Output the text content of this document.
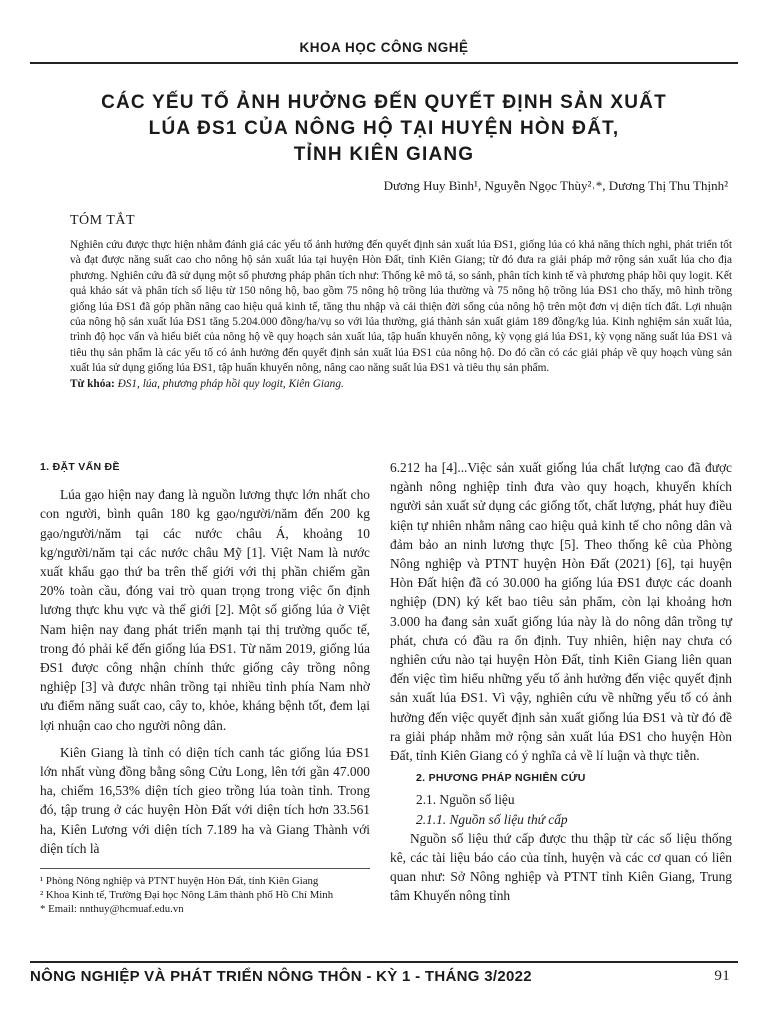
KHOA HỌC CÔNG NGHỆ
CÁC YẾU TỐ ẢNH HƯỞNG ĐẾN QUYẾT ĐỊNH SẢN XUẤT
LÚA ĐS1 CỦA NÔNG HỘ TẠI HUYỆN HÒN ĐẤT,
TỈNH KIÊN GIANG
Dương Huy Bình¹, Nguyễn Ngọc Thùy²˒*, Dương Thị Thu Thịnh²
TÓM TẮT

Nghiên cứu được thực hiện nhằm đánh giá các yếu tố ảnh hưởng đến quyết định sản xuất lúa ĐS1, giống lúa có khả năng thích nghi, phát triển tốt và đạt được năng suất cao cho nông hộ sản xuất lúa tại huyện Hòn Đất, tỉnh Kiên Giang; từ đó đưa ra giải pháp mở rộng sản xuất lúa cho địa phương. Nghiên cứu đã sử dụng một số phương pháp phân tích như: Thống kê mô tả, so sánh, phân tích kinh tế và phương pháp hồi quy logit. Kết quả khảo sát và phân tích số liệu từ 150 nông hộ, bao gồm 75 nông hộ trồng lúa thường và 75 nông hộ trồng lúa ĐS1 cho thấy, mô hình trồng giống lúa ĐS1 đã góp phần nâng cao hiệu quả kinh tế, tăng thu nhập và cải thiện đời sống của nông hộ trên một đơn vị diện tích đất. Lợi nhuận của nông hộ sản xuất lúa ĐS1 tăng 5.204.000 đồng/ha/vụ so với lúa thường, giá thành sản xuất giảm 189 đồng/kg lúa. Kinh nghiệm sản xuất lúa, trình độ học vấn và hiểu biết của nông hộ về quy hoạch sản xuất lúa, tập huấn khuyến nông, kỳ vọng giá lúa ĐS1, kỳ vọng năng suất lúa ĐS1 và tiêu thụ sản phẩm là các yếu tố có ảnh hưởng đến quyết định sản xuất lúa ĐS1 của nông hộ. Do đó cần có các giải pháp về quy hoạch vùng sản xuất lúa sử dụng giống lúa ĐS1, tập huấn khuyến nông, nâng cao năng suất lúa ĐS1 và tiêu thụ sản phẩm.

Từ khóa: ĐS1, lúa, phương pháp hồi quy logit, Kiên Giang.

1. ĐẶT VẤN ĐỀ

Lúa gạo hiện nay đang là nguồn lương thực lớn nhất cho con người, bình quân 180 kg gạo/người/năm đến 200 kg gạo/người/năm tại các nước châu Á, khoảng 10 kg/người/năm tại các nước châu Mỹ [1]. Việt Nam là nước xuất khẩu gạo thứ ba trên thế giới với thị phần chiếm gần 20% toàn cầu, đóng vai trò quan trọng trong việc ổn định lương thực khu vực và thế giới [2]. Một số giống lúa ở Việt Nam hiện nay đang phát triển mạnh tại thị trường quốc tế, trong đó phải kể đến giống lúa ĐS1. Từ năm 2019, giống lúa ĐS1 được công nhận chính thức giống cây trồng nông nghiệp [3] và được nhân trồng tại nhiều tỉnh phía Nam nhờ ưu điểm năng suất cao, cây to, khỏe, kháng bệnh tốt, đem lại lợi nhuận cao cho người nông dân.

Kiên Giang là tỉnh có diện tích canh tác giống lúa ĐS1 lớn nhất vùng đồng bằng sông Cửu Long, lên tới gần 47.000 ha, chiếm 16,53% diện tích gieo trồng lúa toàn tỉnh. Trong đó, tập trung ở các huyện Hòn Đất với diện tích hơn 33.561 ha, Kiên Lương với diện tích 7.189 ha và Giang Thành với diện tích là

6.212 ha [4]...Việc sản xuất giống lúa chất lượng cao đã được ngành nông nghiệp tỉnh đưa vào quy hoạch, khuyến khích người sản xuất sử dụng các giống tốt, chất lượng, phát huy điều kiện tự nhiên nhằm nâng cao hiệu quả kinh tế cho nông dân và đảm bảo an ninh lương thực [5]. Theo thống kê của Phòng Nông nghiệp và PTNT huyện Hòn Đất (2021) [6], tại huyện Hòn Đất hiện đã có 30.000 ha giống lúa ĐS1 được các doanh nghiệp (DN) ký kết bao tiêu sản phẩm, còn lại khoảng hơn 3.000 ha đang sản xuất giống lúa này là do nông dân trồng tự phát, chưa có đầu ra ổn định. Tuy nhiên, hiện nay chưa có nghiên cứu nào tại huyện Hòn Đất, tỉnh Kiên Giang liên quan đến việc tìm hiểu những yếu tố ảnh hưởng đến việc quyết định sản xuất lúa ĐS1. Vì vậy, nghiên cứu về những yếu tố có ảnh hưởng đến việc quyết định sản xuất giống lúa ĐS1 và từ đó đề ra giải pháp nhằm mở rộng sản xuất lúa ĐS1 cho huyện Hòn Đất, tỉnh Kiên Giang có ý nghĩa cả về lí luận và thực tiễn.

2. PHƯƠNG PHÁP NGHIÊN CỨU
2.1. Nguồn số liệu
2.1.1. Nguồn số liệu thứ cấp

Nguồn số liệu thứ cấp được thu thập từ các số liệu thống kê, các tài liệu báo cáo của tỉnh, huyện và các cơ quan có liên quan như: Sở Nông nghiệp và PTNT tỉnh Kiên Giang, Trung tâm Khuyến nông tỉnh

¹ Phòng Nông nghiệp và PTNT huyện Hòn Đất, tỉnh Kiên Giang
² Khoa Kinh tế, Trường Đại học Nông Lâm thành phố Hồ Chí Minh
* Email: nnthuy@hcmuaf.edu.vn
NÔNG NGHIỆP VÀ PHÁT TRIỂN NÔNG THÔN - KỲ 1 - THÁNG 3/2022	91
